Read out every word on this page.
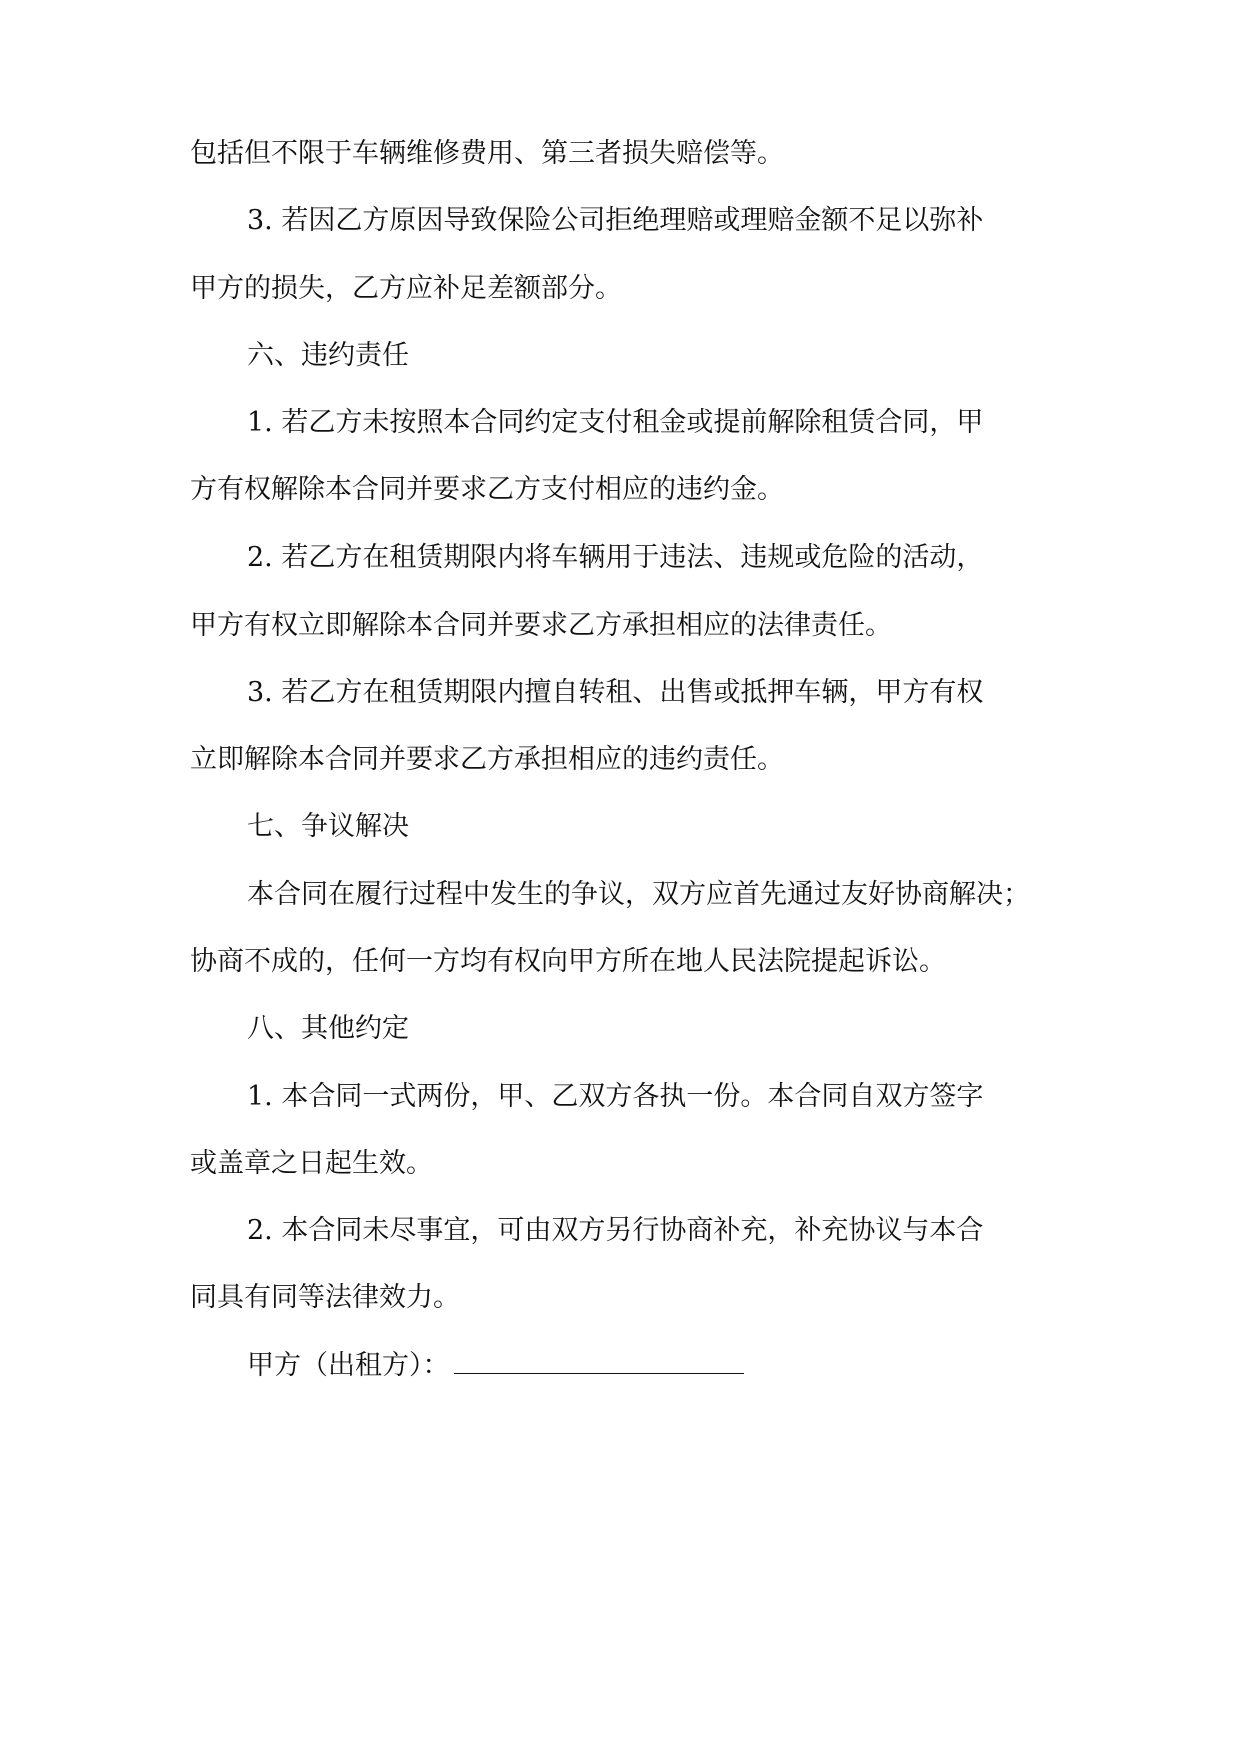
包括但不限于车辆维修费用、第三者损失赔偿等。

3. 若因乙方原因导致保险公司拒绝理赔或理赔金额不足以弥补

甲方的损失，乙方应补足差额部分。

六、违约责任

1. 若乙方未按照本合同约定支付租金或提前解除租赁合同，甲

方有权解除本合同并要求乙方支付相应的违约金。

2. 若乙方在租赁期限内将车辆用于违法、违规或危险的活动，

甲方有权立即解除本合同并要求乙方承担相应的法律责任。

3. 若乙方在租赁期限内擅自转租、出售或抵押车辆，甲方有权

立即解除本合同并要求乙方承担相应的违约责任。

七、争议解决

本合同在履行过程中发生的争议，双方应首先通过友好协商解决；

协商不成的，任何一方均有权向甲方所在地人民法院提起诉讼。

八、其他约定

1. 本合同一式两份，甲、乙双方各执一份。本合同自双方签字

或盖章之日起生效。

2. 本合同未尽事宜，可由双方另行协商补充，补充协议与本合

同具有同等法律效力。

甲方（出租方）：
